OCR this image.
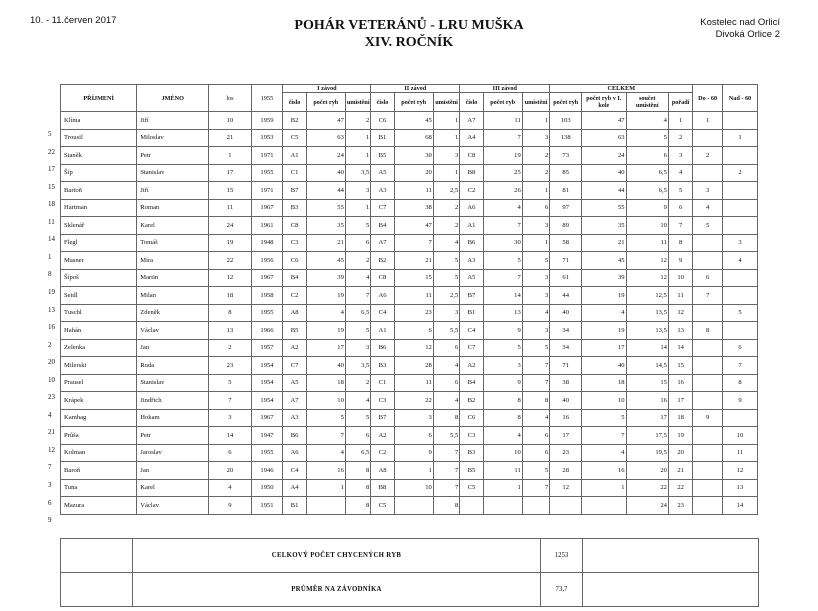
10. - 11.červen 2017	POHÁR VETERÁNŮ - LRU MUŠKA
XIV. ROČNÍK
Kostelec nad Orlicí
Divoká Orlice 2
PŘÍJMENÍ	JMÉNO	los	1955	I závod			II závod			III závod			CELKEM				Do - 60	Nad - 60
				číslo	počet ryb	umístění	číslo	počet ryb	umístění	číslo	počet ryb	umístění	počet ryb	počet ryb v I. kole	součet umístění	pořadí		
Klíma	Jiří	10	1959	B2	47	2	C6	45	1	A7	11	1	103	47	4	1	1	
Trousil	Miloslav	21	1953	C5	63	1	B1	68	1	A4	7	3	138	63	5	2		1
Staněk	Petr	1	1971	A1	24	1	B5	30	3	C8	19	2	73	24	6	3	2	
Šíp	Stanislav	17	1955	C1	40	3,5	A5	20	1	B8	25	2	85	40	6,5	4		2
Bartoň	Jiří	15	1971	B7	44	3	A3	11	2,5	C2	26	1	81	44	6,5	5	3	
Hartman	Roman	11	1967	B3	55	1	C7	38	2	A6	4	6	97	55	9	6	4	
Sklenář	Karel	24	1961	C8	35	5	B4	47	2	A1	7	3	89	35	10	7	5	
Flegl	Tomáš	19	1948	C3	21	6	A7	7	4	B6	30	1	58	21	11	8		3
Masner	Míra	22	1956	C6	45	2	B2	21	5	A3	5	5	71	45	12	9		4
Šípoš	Martin	12	1967	B4	39	4	C8	15	5	A5	7	3	61	39	12	10	6	
Seidl	Milan	18	1958	C2	19	7	A6	11	2,5	B7	14	3	44	19	12,5	11	7	
Tuschl	Zdeněk	8	1955	A8	4	6,5	C4	23	3	B1	13	4	40	4	13,5	12		5
Hahán	Václav	13	1966	B5	19	5	A1	6	5,5	C4	9	3	34	19	13,5	13	8	
Zelenka	Jan	2	1957	A2	17	3	B6	12	6	C7	5	5	34	17	14	14		6
Milerski	Ruda	23	1954	C7	40	3,5	B3	28	4	A2	3	7	71	40	14,5	15		7
Prausel	Stanislav	5	1954	A5	18	2	C1	11	6	B4	9	7	38	18	15	16		8
Krápek	Jindřich	7	1954	A7	10	4	C3	22	4	B2	8	8	40	10	16	17		9
Kamhag	Hokam	3	1967	A3	5	5	B7	3	8	C6	8	4	16	5	17	18	9	
Průša	Petr	14	1947	B6	7	6	A2	6	5,5	C3	4	6	17	7	17,5	19		10
Kolman	Jaroslav	6	1955	A6	4	6,5	C2	9	7	B3	10	6	23	4	19,5	20		11
Baroň	Jan	20	1946	C4	16	8	A8	1	7	B5	11	5	28	16	20	21		12
Tuna	Karel	4	1950	A4	1	8	B8	10	7	C5	1	7	12	1	22	22		13
Mazura	Václav	9	1951	B1		8	C5		8						24	23		14
	CELKOVÝ POČET CHYCENÝCH RYB	1253	
	PRŮMĚR NA ZÁVODNÍKA	73,7	
5
22
17
15
18
11
14
1
8
19
13
16
2
20
10
23
4
21
12
7
3
6
9
